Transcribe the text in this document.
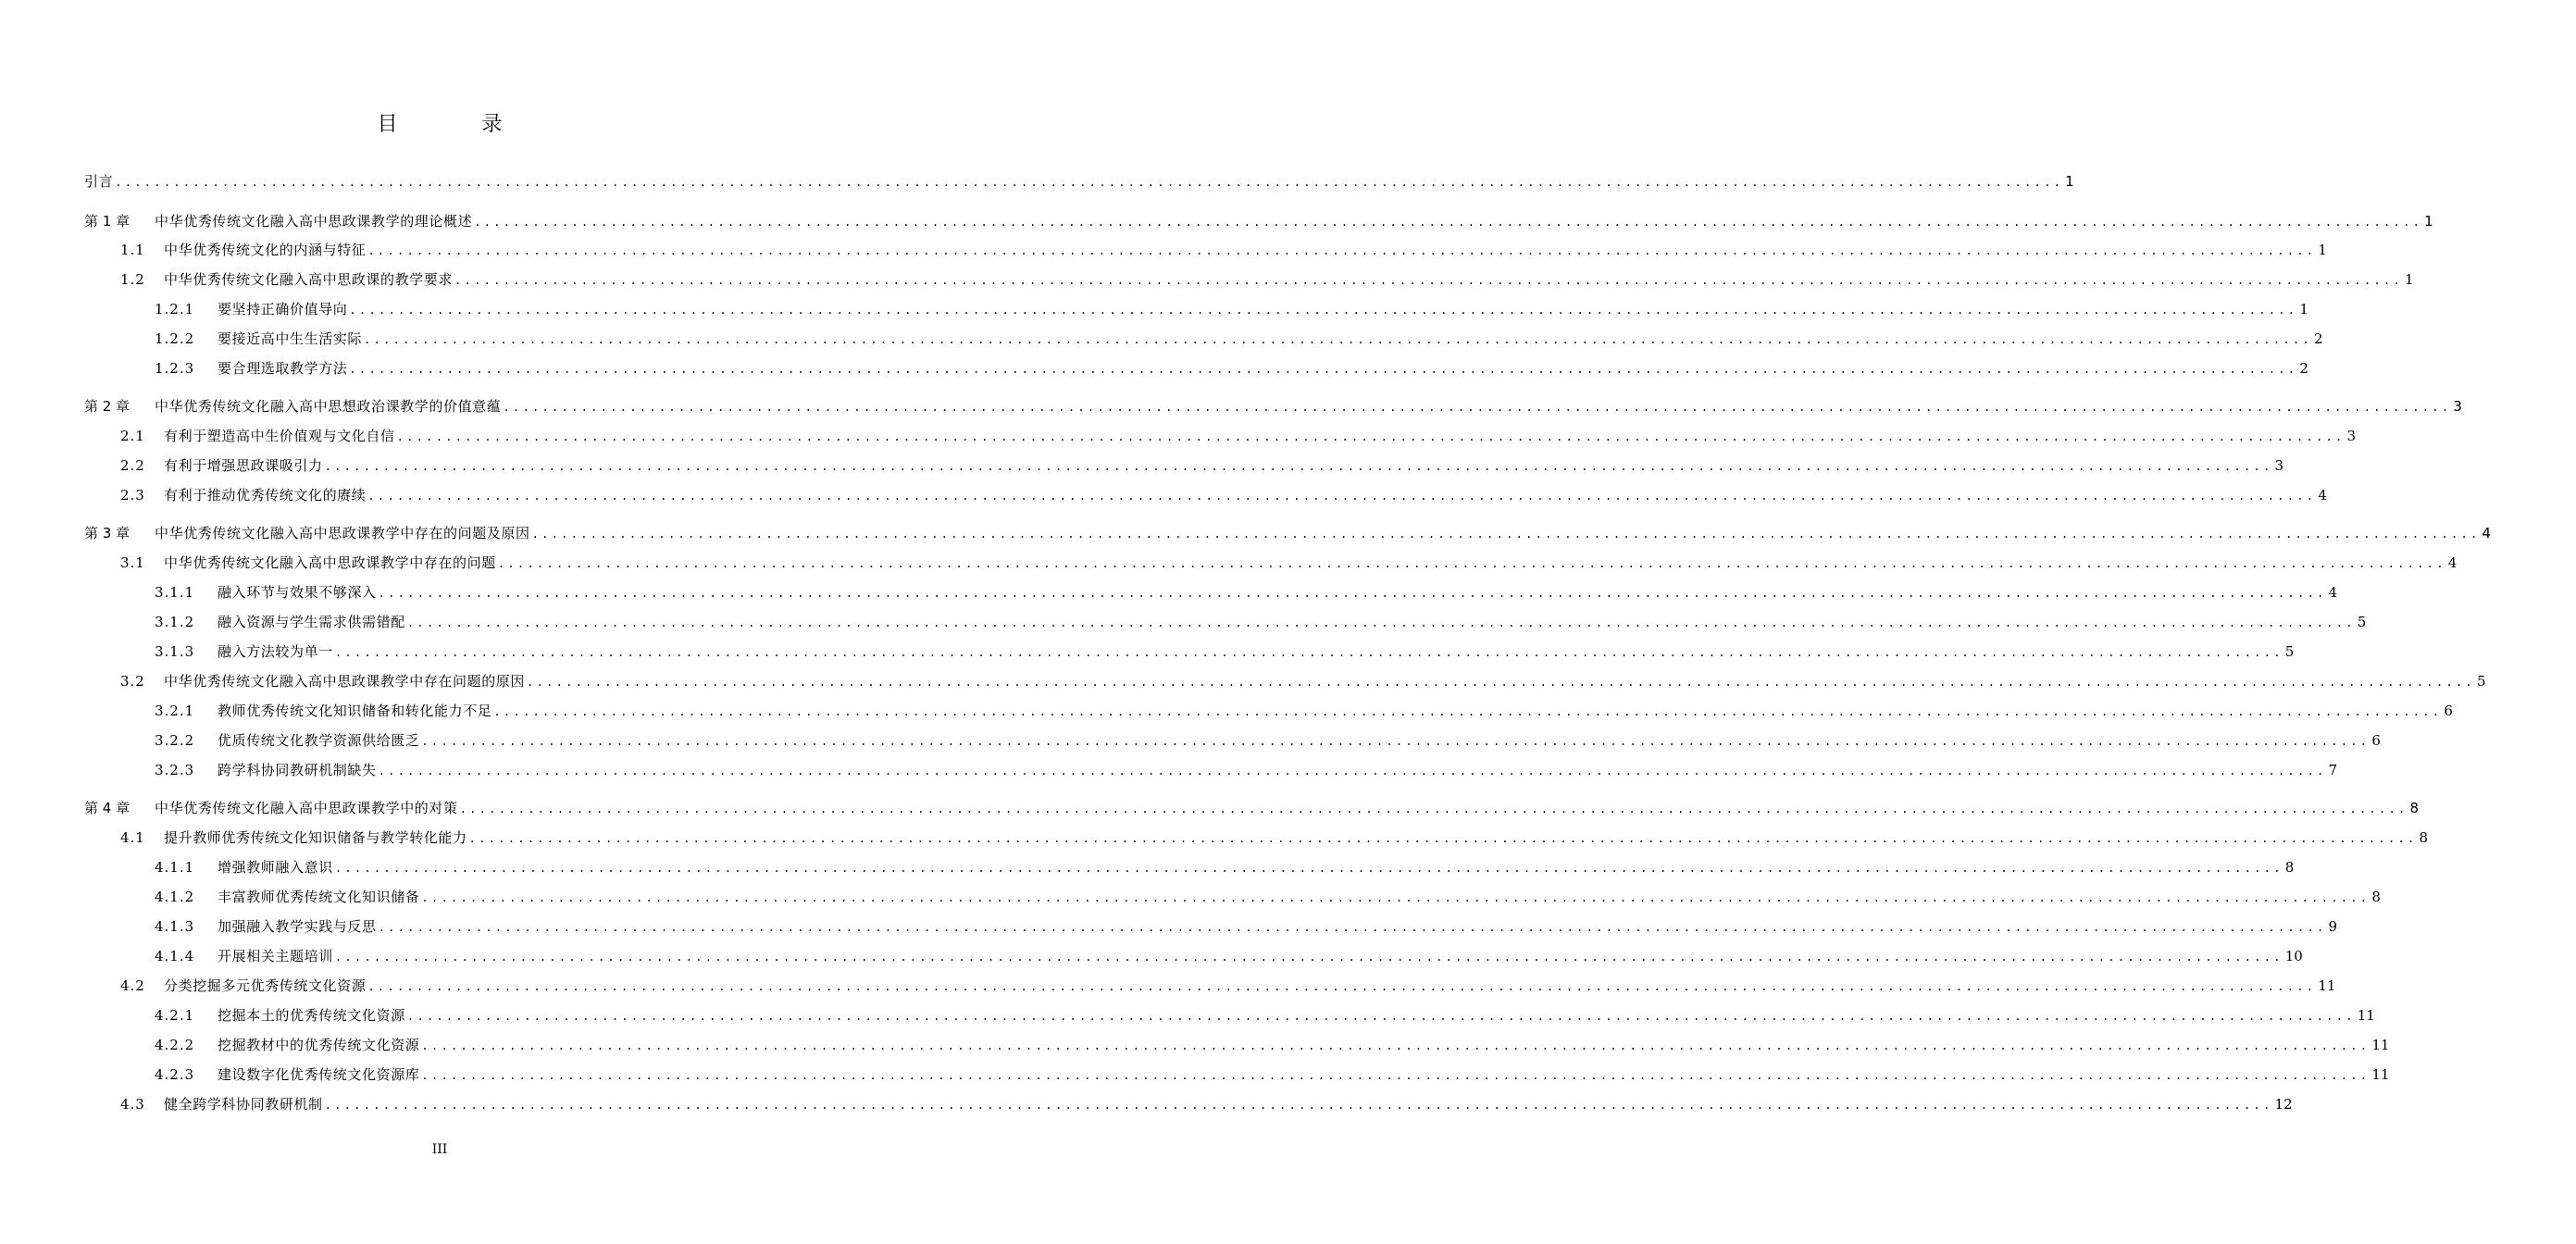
目 录
引言 ........................................................................................................................................................................................................ 1
第 1 章	中华优秀传统文化融入高中思政课教学的理论概述 ........................................................................................................................................................................................................ 1
1.1	中华优秀传统文化的内涵与特征 ........................................................................................................................................................................................................ 1
1.2	中华优秀传统文化融入高中思政课的教学要求 ........................................................................................................................................................................................................ 1
1.2.1	要坚持正确价值导向 ........................................................................................................................................................................................................ 1
1.2.2	要接近高中生生活实际 ........................................................................................................................................................................................................ 2
1.2.3	要合理选取教学方法 ........................................................................................................................................................................................................ 2
第 2 章	中华优秀传统文化融入高中思想政治课教学的价值意蕴 ........................................................................................................................................................................................................ 3
2.1	有利于塑造高中生价值观与文化自信 ........................................................................................................................................................................................................ 3
2.2	有利于增强思政课吸引力 ........................................................................................................................................................................................................ 3
2.3	有利于推动优秀传统文化的赓续 ........................................................................................................................................................................................................ 4
第 3 章	中华优秀传统文化融入高中思政课教学中存在的问题及原因 ........................................................................................................................................................................................................ 4
3.1	中华优秀传统文化融入高中思政课教学中存在的问题 ........................................................................................................................................................................................................ 4
3.1.1	融入环节与效果不够深入 ........................................................................................................................................................................................................ 4
3.1.2	融入资源与学生需求供需错配 ........................................................................................................................................................................................................ 5
3.1.3	融入方法较为单一 ........................................................................................................................................................................................................ 5
3.2	中华优秀传统文化融入高中思政课教学中存在问题的原因 ........................................................................................................................................................................................................ 5
3.2.1	教师优秀传统文化知识储备和转化能力不足 ........................................................................................................................................................................................................ 6
3.2.2	优质传统文化教学资源供给匮乏 ........................................................................................................................................................................................................ 6
3.2.3	跨学科协同教研机制缺失 ........................................................................................................................................................................................................ 7
第 4 章	中华优秀传统文化融入高中思政课教学中的对策 ........................................................................................................................................................................................................ 8
4.1	提升教师优秀传统文化知识储备与教学转化能力 ........................................................................................................................................................................................................ 8
4.1.1	增强教师融入意识 ........................................................................................................................................................................................................ 8
4.1.2	丰富教师优秀传统文化知识储备 ........................................................................................................................................................................................................ 8
4.1.3	加强融入教学实践与反思 ........................................................................................................................................................................................................ 9
4.1.4	开展相关主题培训 ........................................................................................................................................................................................................ 10
4.2	分类挖掘多元优秀传统文化资源 ........................................................................................................................................................................................................ 11
4.2.1	挖掘本土的优秀传统文化资源 ........................................................................................................................................................................................................ 11
4.2.2	挖掘教材中的优秀传统文化资源 ........................................................................................................................................................................................................ 11
4.2.3	建设数字化优秀传统文化资源库 ........................................................................................................................................................................................................ 11
4.3	健全跨学科协同教研机制 ........................................................................................................................................................................................................ 12
III
